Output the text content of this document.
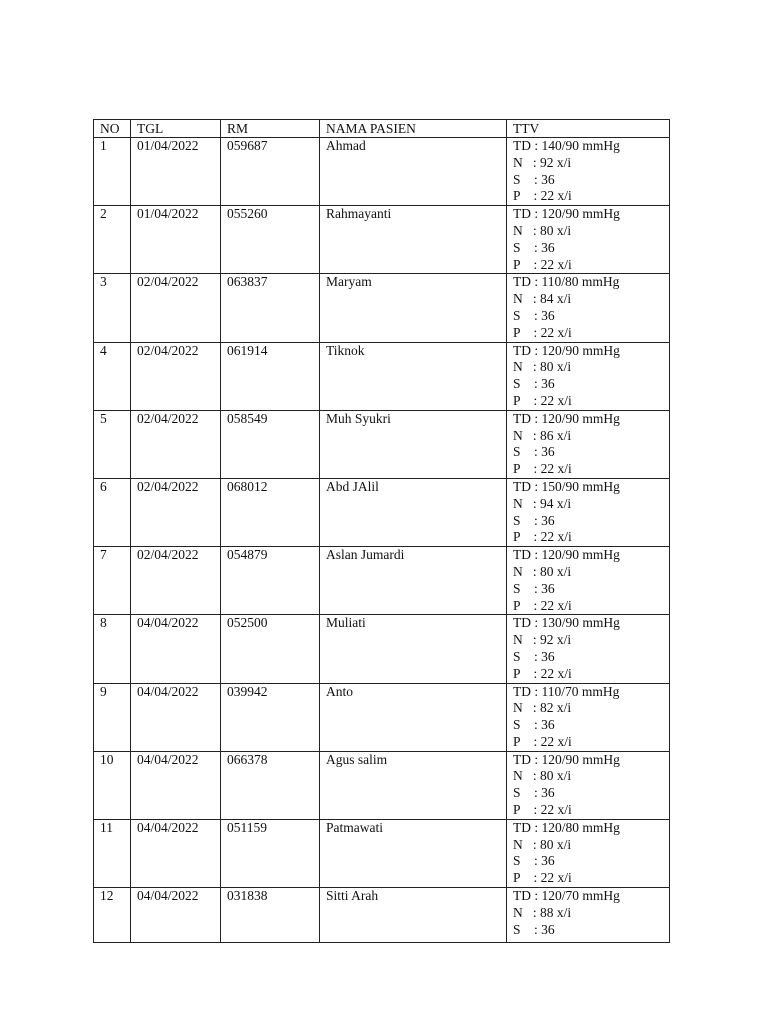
NO	TGL	RM	NAMA PASIEN	TTV
1	01/04/2022	059687	Ahmad	TD : 140/90 mmHg
N   : 92 x/i
S    : 36
P    : 22 x/i

2	01/04/2022	055260	Rahmayanti	TD : 120/90 mmHg
N   : 80 x/i
S    : 36
P    : 22 x/i

3	02/04/2022	063837	Maryam	TD : 110/80 mmHg
N   : 84 x/i
S    : 36
P    : 22 x/i

4	02/04/2022	061914	Tiknok	TD : 120/90 mmHg
N   : 80 x/i
S    : 36
P    : 22 x/i

5	02/04/2022	058549	Muh Syukri	TD : 120/90 mmHg
N   : 86 x/i
S    : 36
P    : 22 x/i

6	02/04/2022	068012	Abd JAlil	TD : 150/90 mmHg
N   : 94 x/i
S    : 36
P    : 22 x/i

7	02/04/2022	054879	Aslan Jumardi	TD : 120/90 mmHg
N   : 80 x/i
S    : 36
P    : 22 x/i

8	04/04/2022	052500	Muliati	TD : 130/90 mmHg
N   : 92 x/i
S    : 36
P    : 22 x/i

9	04/04/2022	039942	Anto	TD : 110/70 mmHg
N   : 82 x/i
S    : 36
P    : 22 x/i

10	04/04/2022	066378	Agus salim	TD : 120/90 mmHg
N   : 80 x/i
S    : 36
P    : 22 x/i

11	04/04/2022	051159	Patmawati	TD : 120/80 mmHg
N   : 80 x/i
S    : 36
P    : 22 x/i

12	04/04/2022	031838	Sitti Arah	TD : 120/70 mmHg
N   : 88 x/i
S    : 36
